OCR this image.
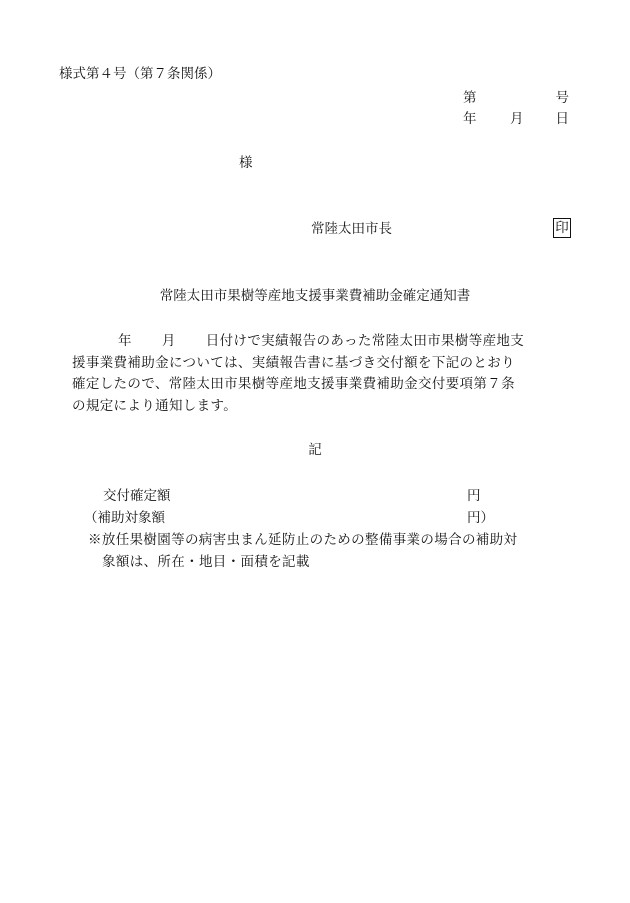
様式第４号（第７条関係）
第	号
年 月 日
様
常陸太田市長	印
常陸太田市果樹等産地支援事業費補助金確定通知書
年 月 日付けで実績報告のあった常陸太田市果樹等産地支
援事業費補助金については、実績報告書に基づき交付額を下記のとおり
確定したので、常陸太田市果樹等産地支援事業費補助金交付要項第７条
の規定により通知します。
記
交付確定額	円
（補助対象額	円）
※放任果樹園等の病害虫まん延防止のための整備事業の場合の補助対
象額は、所在・地目・面積を記載
